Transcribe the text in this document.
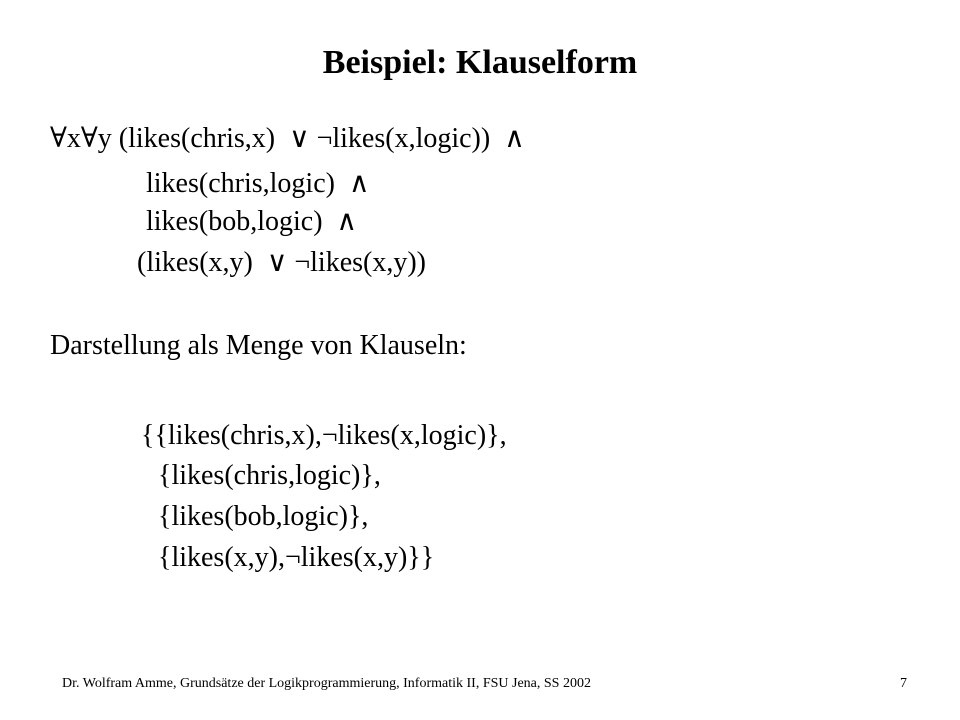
Beispiel: Klauselform
∀x∀y (likes(chris,x)  ∨ ¬likes(x,logic))  ∧
likes(chris,logic)  ∧
likes(bob,logic)  ∧
(likes(x,y)  ∨ ¬likes(x,y))
Darstellung als Menge von Klauseln:
{{likes(chris,x),¬likes(x,logic)},
{likes(chris,logic)},
{likes(bob,logic)},
{likes(x,y),¬likes(x,y)}}
Dr. Wolfram Amme, Grundsätze der Logikprogrammierung, Informatik II, FSU Jena, SS 2002	7
